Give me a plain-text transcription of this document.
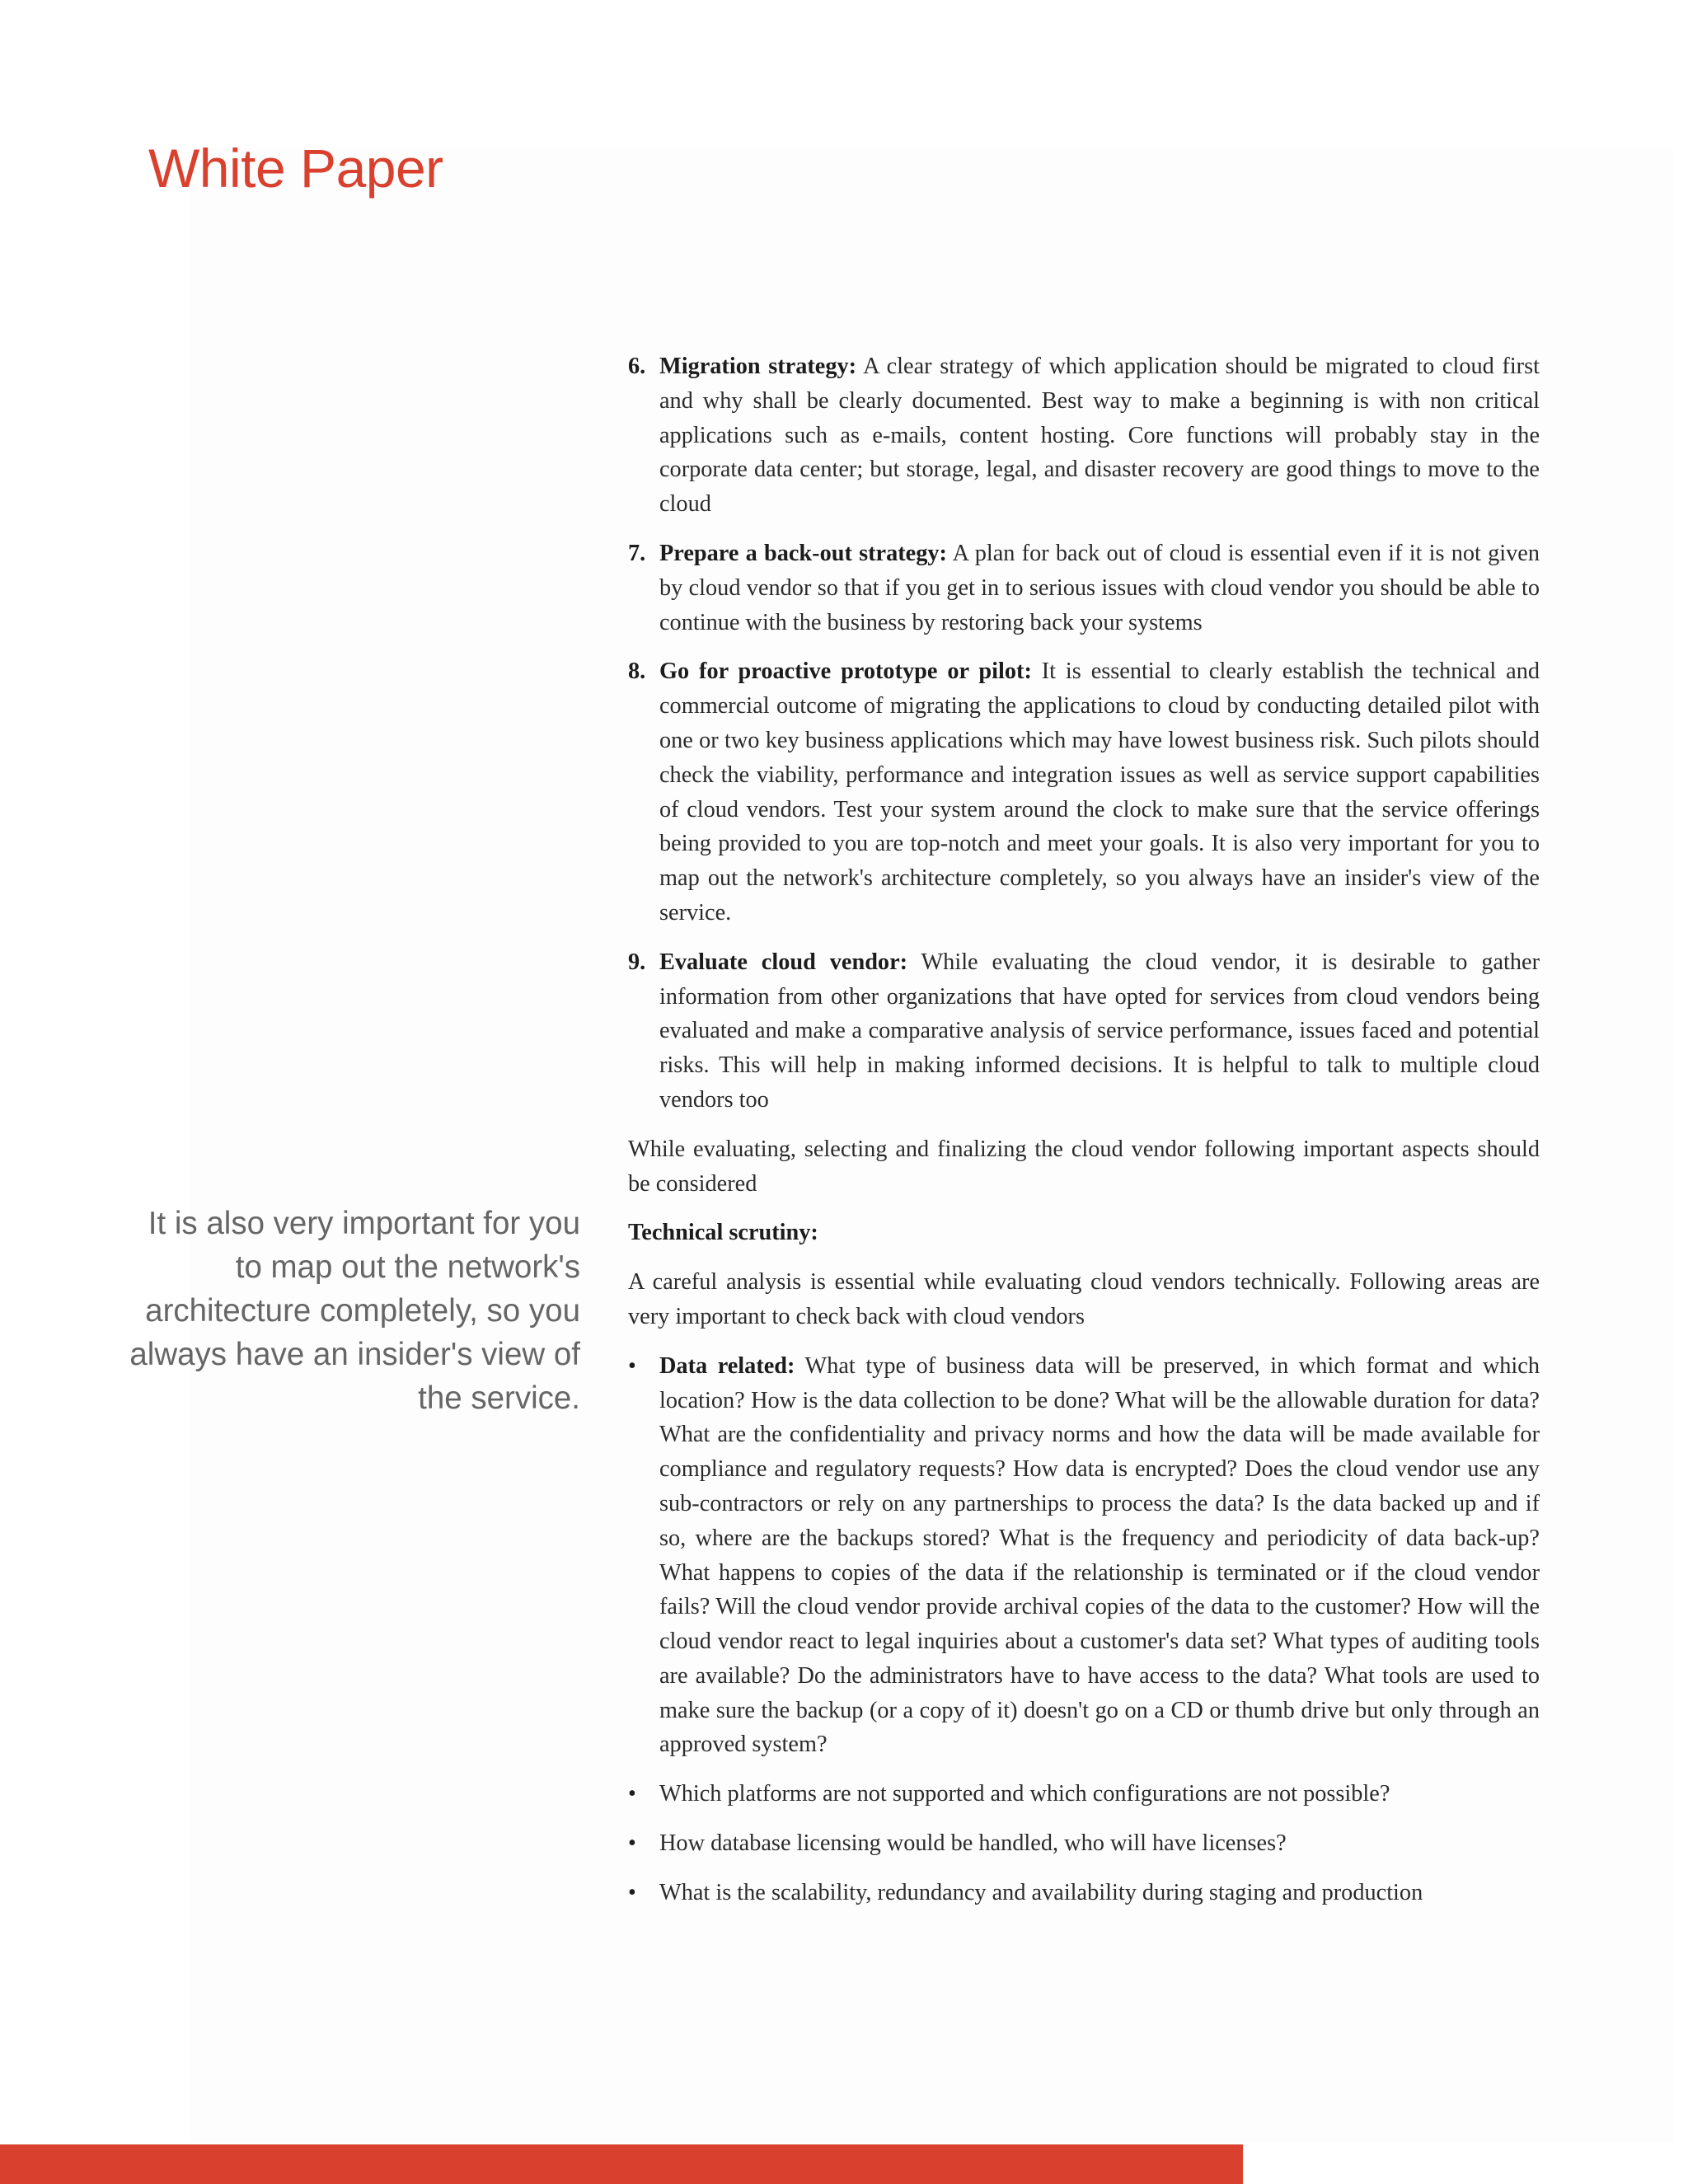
White Paper

It is also very important for you to map out the network's architecture completely, so you always have an insider's view of the service.

6. Migration strategy: A clear strategy of which application should be migrated to cloud first and why shall be clearly documented. Best way to make a beginning is with non critical applications such as e-mails, content hosting. Core functions will probably stay in the corporate data center; but storage, legal, and disaster recovery are good things to move to the cloud

7. Prepare a back-out strategy: A plan for back out of cloud is essential even if it is not given by cloud vendor so that if you get in to serious issues with cloud vendor you should be able to continue with the business by restoring back your systems

8. Go for proactive prototype or pilot: It is essential to clearly establish the technical and commercial outcome of migrating the applications to cloud by conducting detailed pilot with one or two key business applications which may have lowest business risk. Such pilots should check the viability, performance and integration issues as well as service support capabilities of cloud vendors. Test your system around the clock to make sure that the service offerings being provided to you are top-notch and meet your goals. It is also very important for you to map out the network's architecture completely, so you always have an insider's view of the service.

9. Evaluate cloud vendor: While evaluating the cloud vendor, it is desirable to gather information from other organizations that have opted for services from cloud vendors being evaluated and make a comparative analysis of service performance, issues faced and potential risks. This will help in making informed decisions. It is helpful to talk to multiple cloud vendors too

While evaluating, selecting and finalizing the cloud vendor following important aspects should be considered

Technical scrutiny:

A careful analysis is essential while evaluating cloud vendors technically. Following areas are very important to check back with cloud vendors

• Data related: What type of business data will be preserved, in which format and which location? How is the data collection to be done? What will be the allowable duration for data? What are the confidentiality and privacy norms and how the data will be made available for compliance and regulatory requests? How data is encrypted? Does the cloud vendor use any sub-contractors or rely on any partnerships to process the data? Is the data backed up and if so, where are the backups stored? What is the frequency and periodicity of data back-up? What happens to copies of the data if the relationship is terminated or if the cloud vendor fails? Will the cloud vendor provide archival copies of the data to the customer? How will the cloud vendor react to legal inquiries about a customer's data set? What types of auditing tools are available? Do the administrators have to have access to the data? What tools are used to make sure the backup (or a copy of it) doesn't go on a CD or thumb drive but only through an approved system?

• Which platforms are not supported and which configurations are not possible?

• How database licensing would be handled, who will have licenses?

• What is the scalability, redundancy and availability during staging and production
